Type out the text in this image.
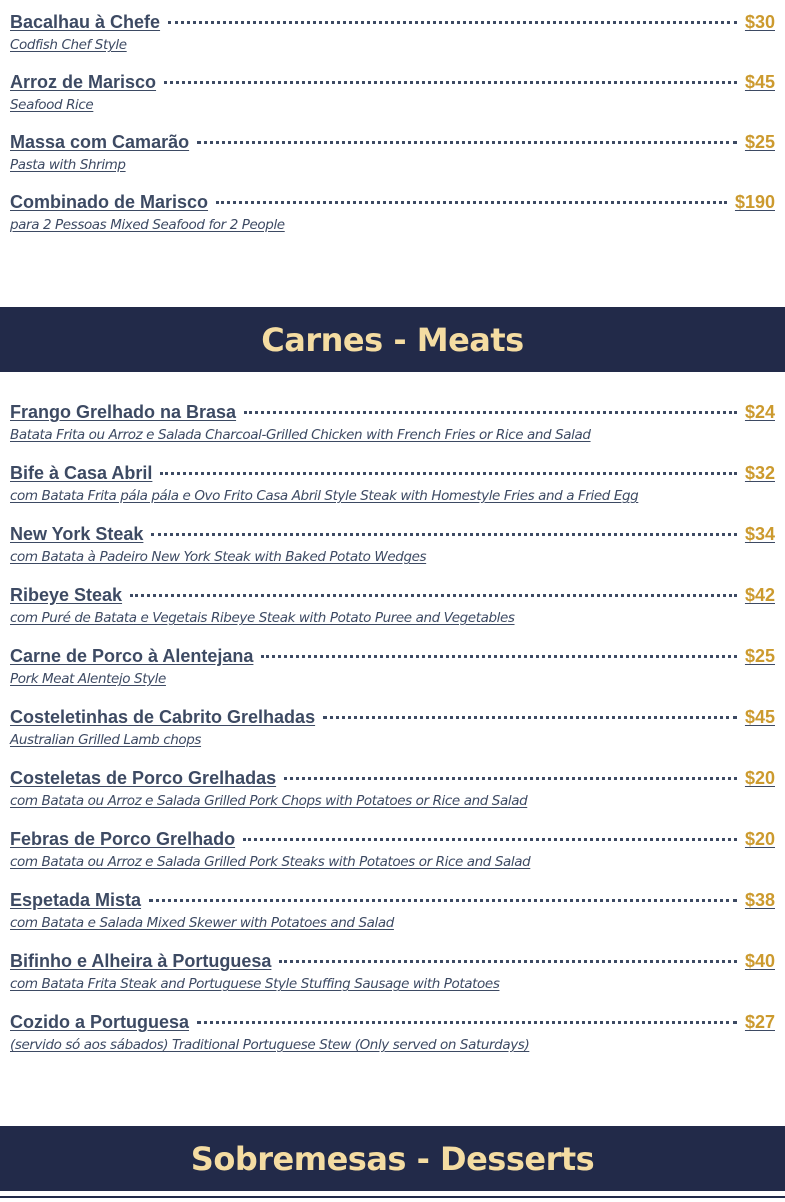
Bacalhau à Chefe	$30
Codfish Chef Style
Arroz de Marisco	$45
Seafood Rice
Massa com Camarão	$25
Pasta with Shrimp
Combinado de Marisco	$190
para 2 Pessoas Mixed Seafood for 2 People
Carnes - Meats
Frango Grelhado na Brasa	$24
Batata Frita ou Arroz e Salada Charcoal-Grilled Chicken with French Fries or Rice and Salad
Bife à Casa Abril	$32
com Batata Frita pála pála e Ovo Frito Casa Abril Style Steak with Homestyle Fries and a Fried Egg
New York Steak	$34
com Batata à Padeiro New York Steak with Baked Potato Wedges
Ribeye Steak	$42
com Puré de Batata e Vegetais Ribeye Steak with Potato Puree and Vegetables
Carne de Porco à Alentejana	$25
Pork Meat Alentejo Style
Costeletinhas de Cabrito Grelhadas	$45
Australian Grilled Lamb chops
Costeletas de Porco Grelhadas	$20
com Batata ou Arroz e Salada Grilled Pork Chops with Potatoes or Rice and Salad
Febras de Porco Grelhado	$20
com Batata ou Arroz e Salada Grilled Pork Steaks with Potatoes or Rice and Salad
Espetada Mista	$38
com Batata e Salada Mixed Skewer with Potatoes and Salad
Bifinho e Alheira à Portuguesa	$40
com Batata Frita Steak and Portuguese Style Stuffing Sausage with Potatoes
Cozido a Portuguesa	$27
(servido só aos sábados) Traditional Portuguese Stew (Only served on Saturdays)
Sobremesas - Desserts
